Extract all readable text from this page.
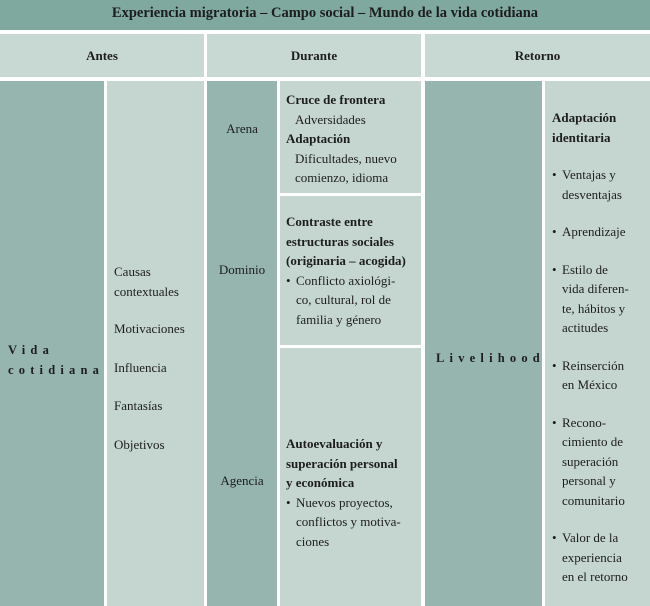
Experiencia migratoria – Campo social – Mundo de la vida cotidiana
Antes	Durante	Retorno
Vida
cotidiana
Causas
contextuales
Motivaciones
Influencia
Fantasías
Objetivos
Arena
Dominio
Agencia
Cruce de frontera
Adversidades
Adaptación
Dificultades, nuevo
comienzo, idioma
Contraste entre
estructuras sociales
(originaria – acogida)
• Conflicto axiológi-
co, cultural, rol de
familia y género
Autoevaluación y
superación personal
y económica
• Nuevos proyectos,
conflictos y motiva-
ciones
Livelihood
Adaptación
identitaria
• Ventajas y
desventajas
• Aprendizaje
• Estilo de
vida diferen-
te, hábitos y
actitudes
• Reinserción
en México
• Recono-
cimiento de
superación
personal y
comunitario
• Valor de la
experiencia
en el retorno
